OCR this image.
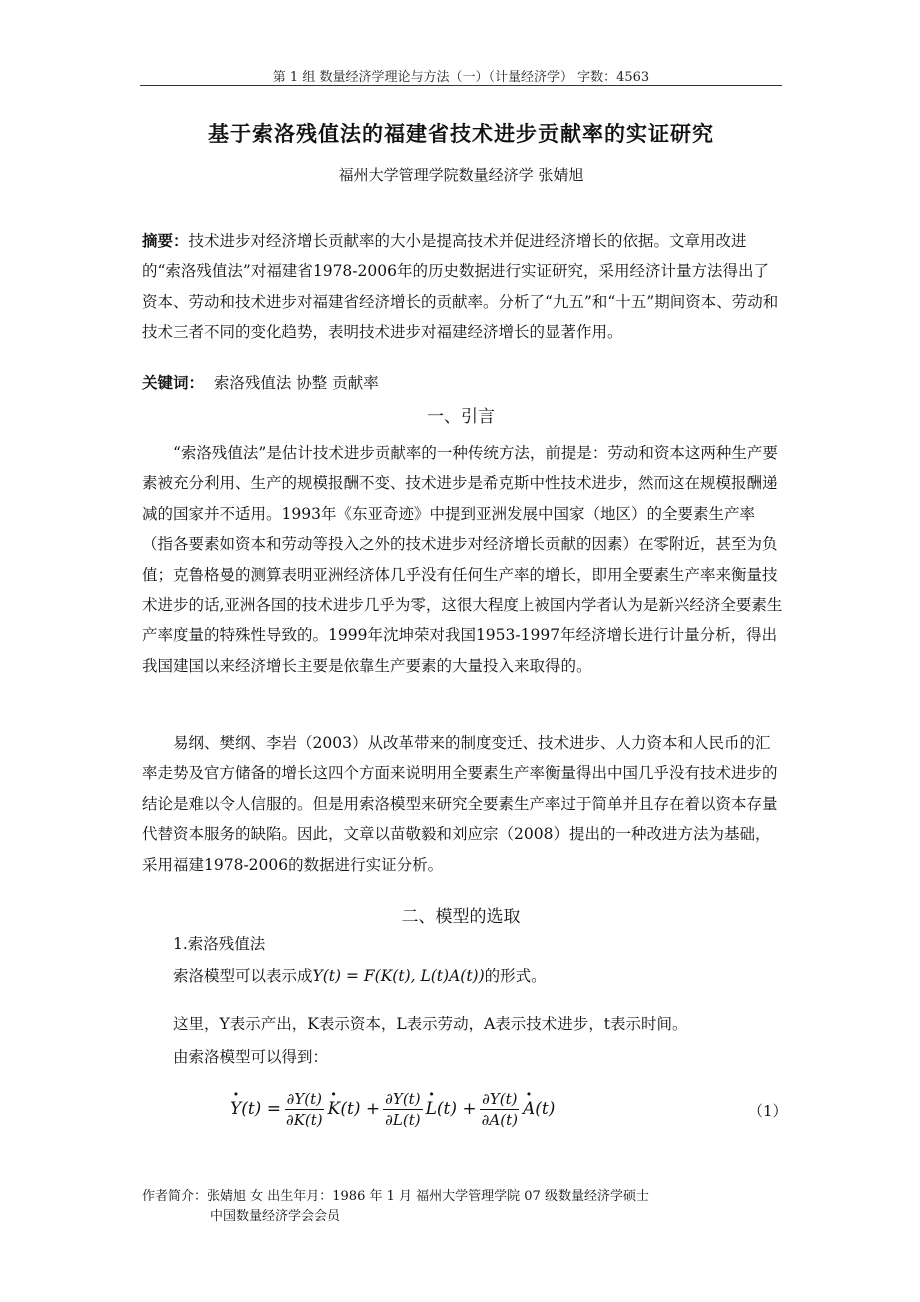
第 1 组 数量经济学理论与方法（一）（计量经济学） 字数：4563
基于索洛残值法的福建省技术进步贡献率的实证研究
福州大学管理学院数量经济学 张婧旭
摘要：技术进步对经济增长贡献率的大小是提高技术并促进经济增长的依据。文章用改进的“索洛残值法”对福建省1978-2006年的历史数据进行实证研究，采用经济计量方法得出了资本、劳动和技术进步对福建省经济增长的贡献率。分析了“九五”和“十五”期间资本、劳动和技术三者不同的变化趋势，表明技术进步对福建经济增长的显著作用。
关键词：  索洛残值法 协整 贡献率
一、引言
“索洛残值法”是估计技术进步贡献率的一种传统方法，前提是：劳动和资本这两种生产要素被充分利用、生产的规模报酬不变、技术进步是希克斯中性技术进步，然而这在规模报酬递减的国家并不适用。1993年《东亚奇迹》中提到亚洲发展中国家（地区）的全要素生产率（指各要素如资本和劳动等投入之外的技术进步对经济增长贡献的因素）在零附近，甚至为负值；克鲁格曼的测算表明亚洲经济体几乎没有任何生产率的增长，即用全要素生产率来衡量技术进步的话,亚洲各国的技术进步几乎为零，这很大程度上被国内学者认为是新兴经济全要素生产率度量的特殊性导致的。1999年沈坤荣对我国1953-1997年经济增长进行计量分析，得出我国建国以来经济增长主要是依靠生产要素的大量投入来取得的。
易纲、樊纲、李岩（2003）从改革带来的制度变迁、技术进步、人力资本和人民币的汇率走势及官方储备的增长这四个方面来说明用全要素生产率衡量得出中国几乎没有技术进步的结论是难以令人信服的。但是用索洛模型来研究全要素生产率过于简单并且存在着以资本存量代替资本服务的缺陷。因此，文章以苗敬毅和刘应宗（2008）提出的一种改进方法为基础，采用福建1978-2006的数据进行实证分析。
二、模型的选取
1.索洛残值法
索洛模型可以表示成Y(t) = F(K(t), L(t)A(t))的形式。
这里，Y表示产出，K表示资本，L表示劳动，A表示技术进步，t表示时间。
由索洛模型可以得到：
· $Y(t) = \frac{\partial Y(t)}{\partial K(t)} \cdot K(t) + \frac{\partial Y(t)}{\partial L(t)} \cdot L(t) + \frac{\partial Y(t)}{\partial A(t)} \cdot A(t)$	（1）
作者简介：张婧旭 女 出生年月：1986 年 1 月 福州大学管理学院 07 级数量经济学硕士
中国数量经济学会会员
